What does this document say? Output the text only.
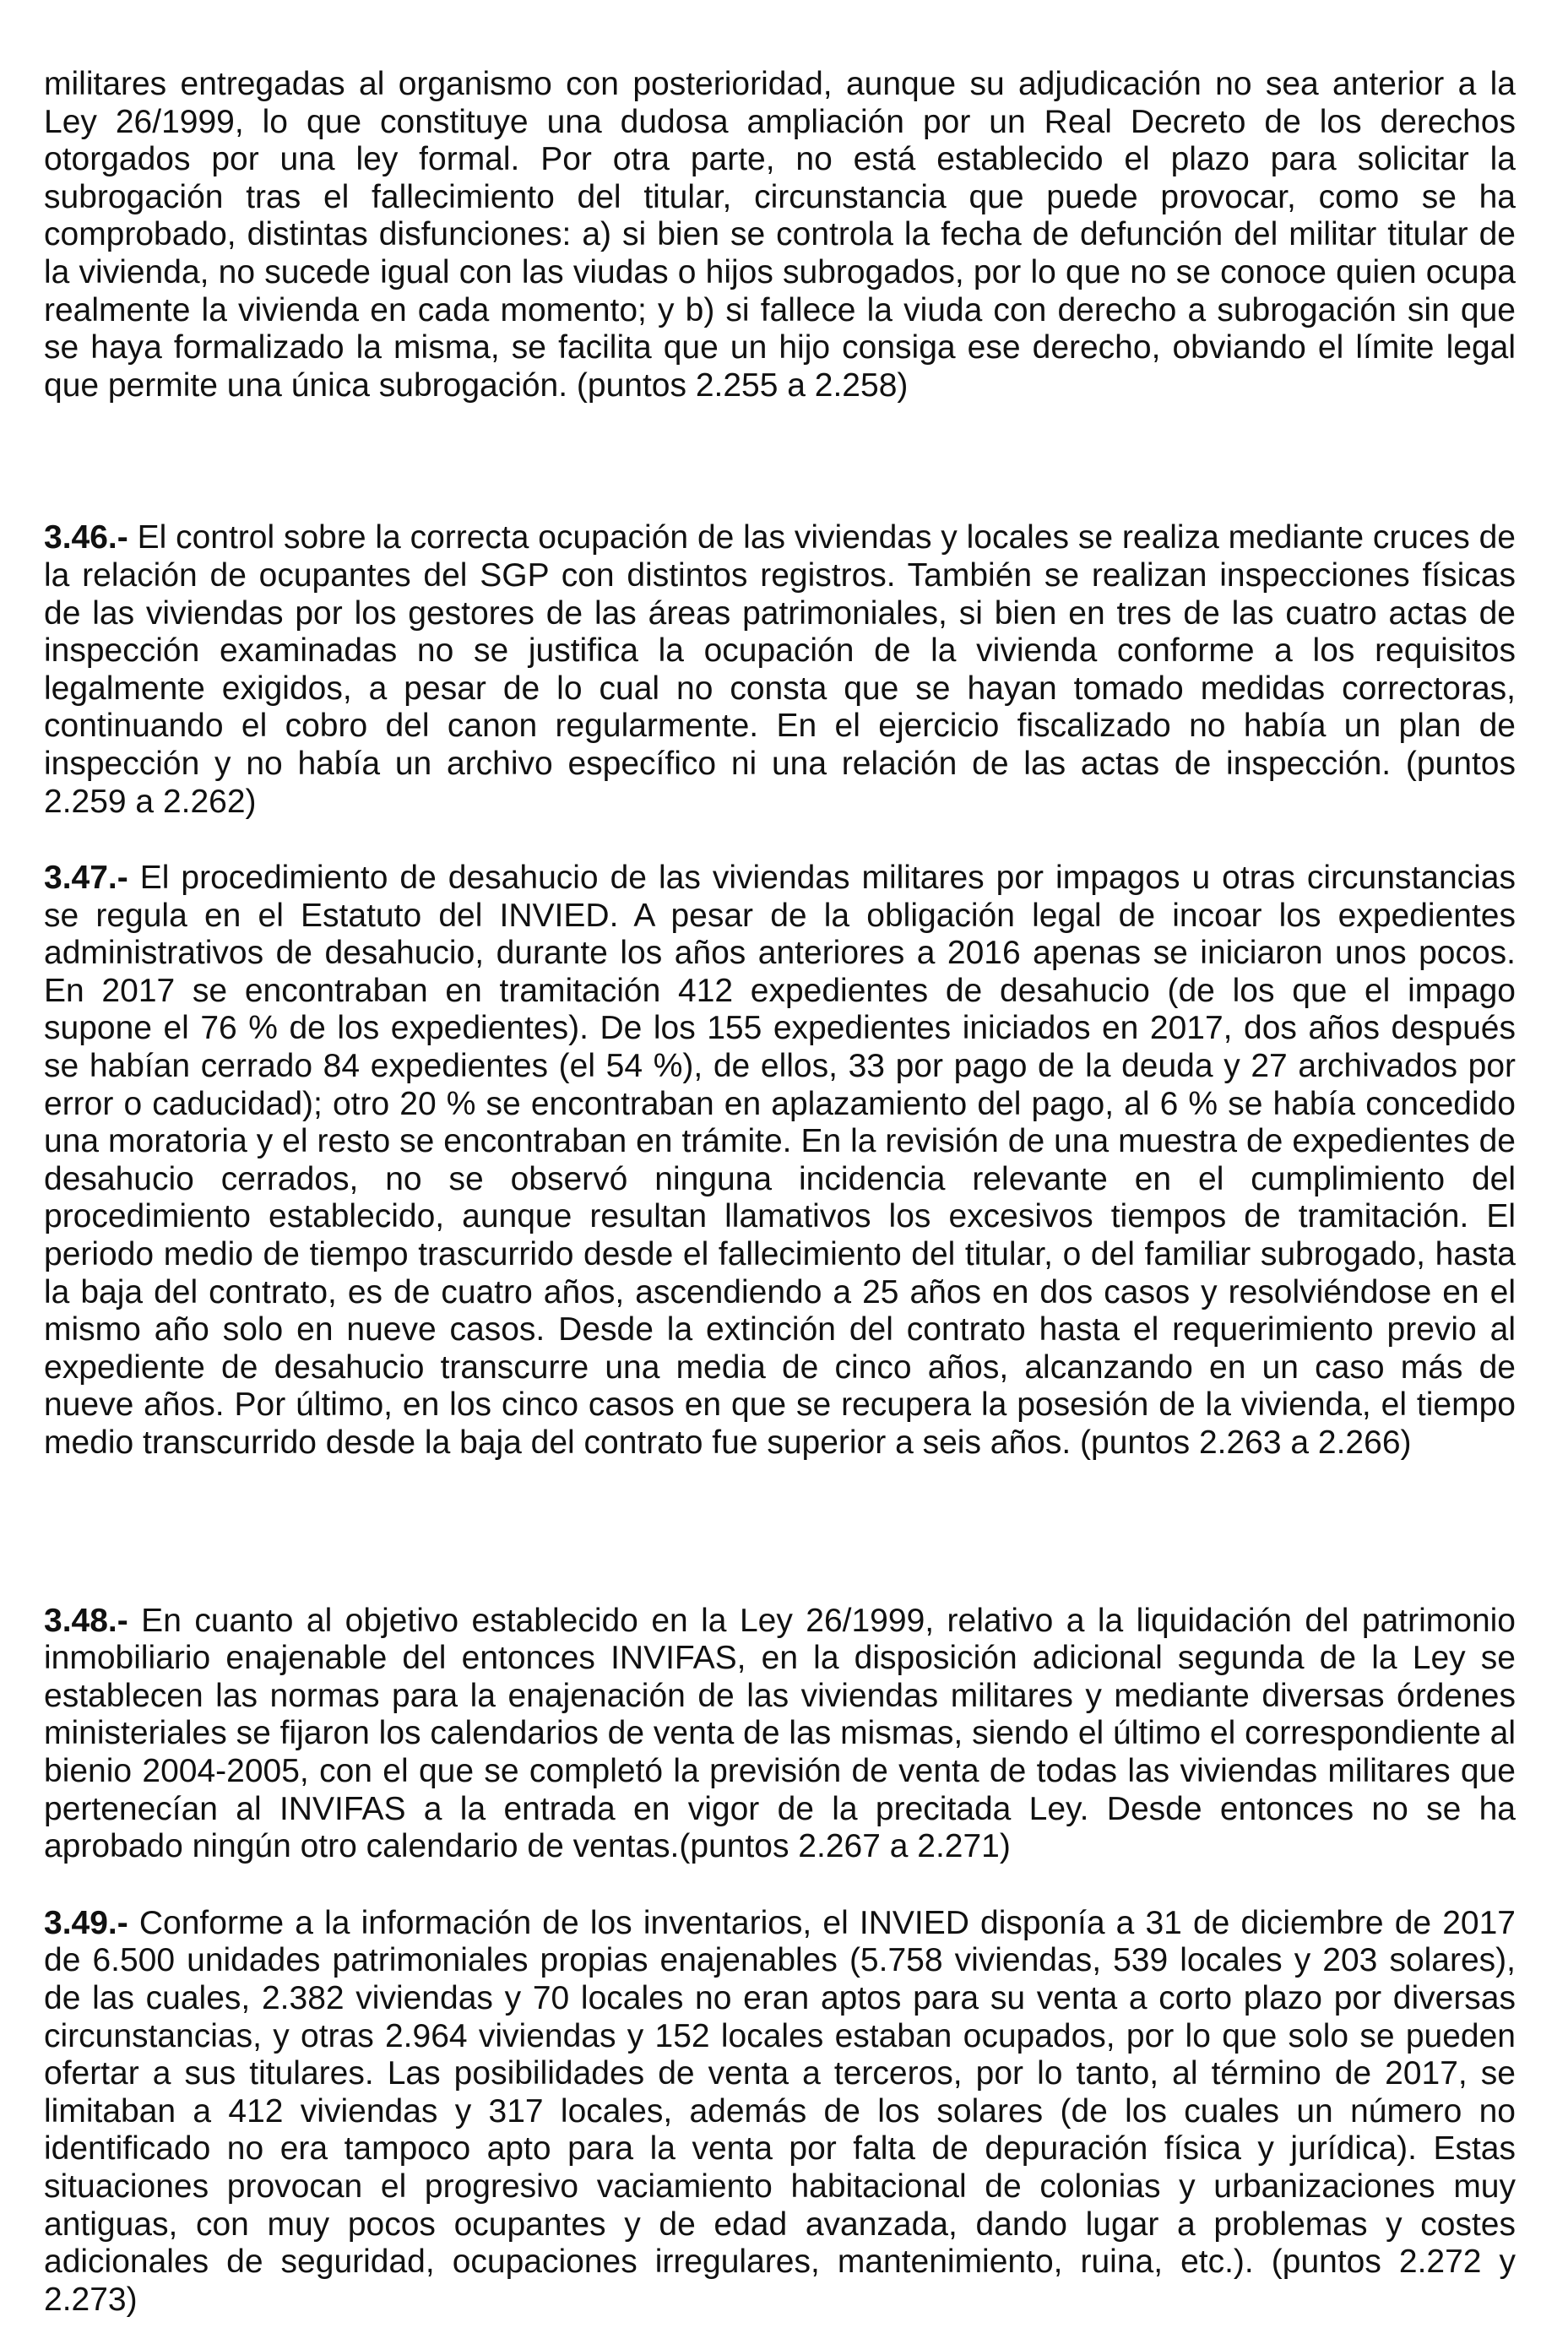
militares entregadas al organismo con posterioridad, aunque su adjudicación no sea anterior a la Ley 26/1999, lo que constituye una dudosa ampliación por un Real Decreto de los derechos otorgados por una ley formal. Por otra parte, no está establecido el plazo para solicitar la subrogación tras el fallecimiento del titular, circunstancia que puede provocar, como se ha comprobado, distintas disfunciones: a) si bien se controla la fecha de defunción del militar titular de la vivienda, no sucede igual con las viudas o hijos subrogados, por lo que no se conoce quien ocupa realmente la vivienda en cada momento; y b) si fallece la viuda con derecho a subrogación sin que se haya formalizado la misma, se facilita que un hijo consiga ese derecho, obviando el límite legal que permite una única subrogación. (puntos 2.255 a 2.258)

3.46.- El control sobre la correcta ocupación de las viviendas y locales se realiza mediante cruces de la relación de ocupantes del SGP con distintos registros. También se realizan inspecciones físicas de las viviendas por los gestores de las áreas patrimoniales, si bien en tres de las cuatro actas de inspección examinadas no se justifica la ocupación de la vivienda conforme a los requisitos legalmente exigidos, a pesar de lo cual no consta que se hayan tomado medidas correctoras, continuando el cobro del canon regularmente. En el ejercicio fiscalizado no había un plan de inspección y no había un archivo específico ni una relación de las actas de inspección. (puntos 2.259 a 2.262)

3.47.- El procedimiento de desahucio de las viviendas militares por impagos u otras circunstancias se regula en el Estatuto del INVIED. A pesar de la obligación legal de incoar los expedientes administrativos de desahucio, durante los años anteriores a 2016 apenas se iniciaron unos pocos. En 2017 se encontraban en tramitación 412 expedientes de desahucio (de los que el impago supone el 76 % de los expedientes). De los 155 expedientes iniciados en 2017, dos años después se habían cerrado 84 expedientes (el 54 %), de ellos, 33 por pago de la deuda y 27 archivados por error o caducidad); otro 20 % se encontraban en aplazamiento del pago, al 6 % se había concedido una moratoria y el resto se encontraban en trámite. En la revisión de una muestra de expedientes de desahucio cerrados, no se observó ninguna incidencia relevante en el cumplimiento del procedimiento establecido, aunque resultan llamativos los excesivos tiempos de tramitación. El periodo medio de tiempo trascurrido desde el fallecimiento del titular, o del familiar subrogado, hasta la baja del contrato, es de cuatro años, ascendiendo a 25 años en dos casos y resolviéndose en el mismo año solo en nueve casos. Desde la extinción del contrato hasta el requerimiento previo al expediente de desahucio transcurre una media de cinco años, alcanzando en un caso más de nueve años. Por último, en los cinco casos en que se recupera la posesión de la vivienda, el tiempo medio transcurrido desde la baja del contrato fue superior a seis años. (puntos 2.263 a 2.266)

3.48.- En cuanto al objetivo establecido en la Ley 26/1999, relativo a la liquidación del patrimonio inmobiliario enajenable del entonces INVIFAS, en la disposición adicional segunda de la Ley se establecen las normas para la enajenación de las viviendas militares y mediante diversas órdenes ministeriales se fijaron los calendarios de venta de las mismas, siendo el último el correspondiente al bienio 2004-2005, con el que se completó la previsión de venta de todas las viviendas militares que pertenecían al INVIFAS a la entrada en vigor de la precitada Ley. Desde entonces no se ha aprobado ningún otro calendario de ventas.(puntos 2.267 a 2.271)

3.49.- Conforme a la información de los inventarios, el INVIED disponía a 31 de diciembre de 2017 de 6.500 unidades patrimoniales propias enajenables (5.758 viviendas, 539 locales y 203 solares), de las cuales, 2.382 viviendas y 70 locales no eran aptos para su venta a corto plazo por diversas circunstancias, y otras 2.964 viviendas y 152 locales estaban ocupados, por lo que solo se pueden ofertar a sus titulares. Las posibilidades de venta a terceros, por lo tanto, al término de 2017, se limitaban a 412 viviendas y 317 locales, además de los solares (de los cuales un número no identificado no era tampoco apto para la venta por falta de depuración física y jurídica). Estas situaciones provocan el progresivo vaciamiento habitacional de colonias y urbanizaciones muy antiguas, con muy pocos ocupantes y de edad avanzada, dando lugar a problemas y costes adicionales de seguridad, ocupaciones irregulares, mantenimiento, ruina, etc.). (puntos 2.272 y 2.273)
